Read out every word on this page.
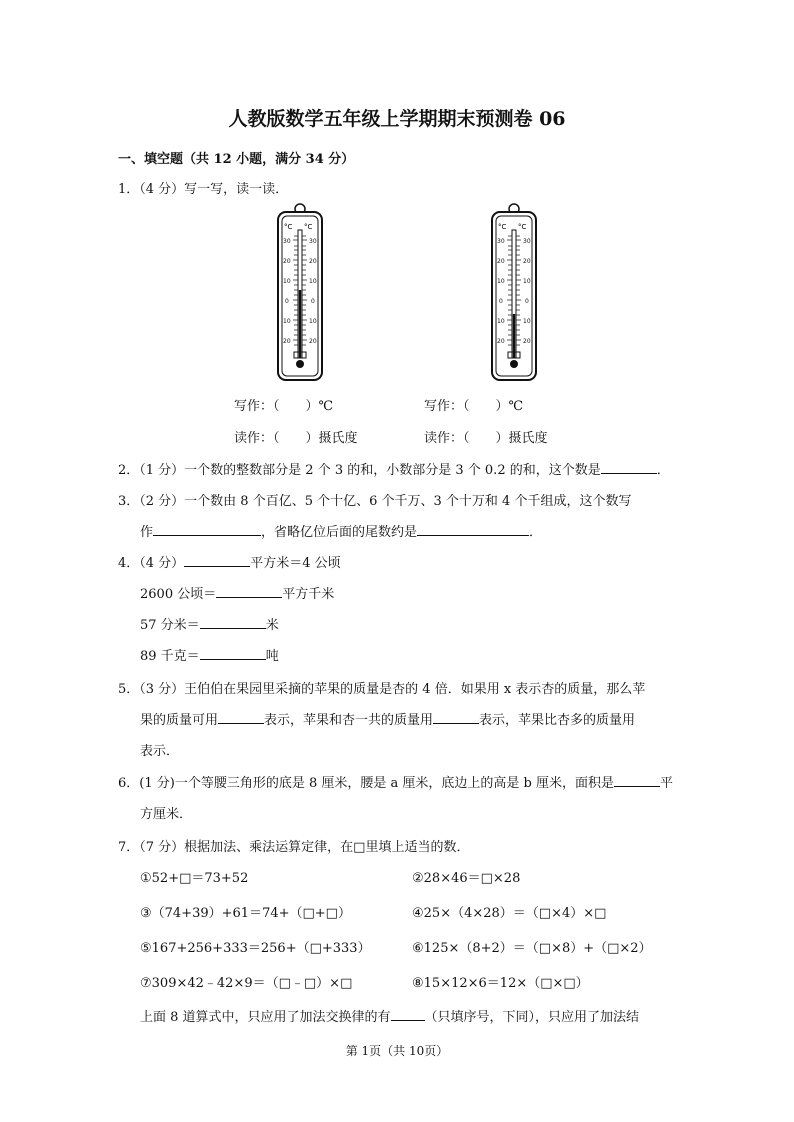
人教版数学五年级上学期期末预测卷 06
一、填空题（共 12 小题，满分 34 分）
1．（4 分）写一写，读一读．
°C °C
30	30
20	20
10	10
0	0
10	10
20	20
°C °C
30	30
20	20
10	10
0	0
10	10
20	20
写作：（　　）℃	写作：（　　）℃
读作：（　　）摄氏度	读作：（　　）摄氏度
2．（1 分）一个数的整数部分是 2 个 3 的和，小数部分是 3 个 0.2 的和，这个数是	．
3．（2 分）一个数由 8 个百亿、5 个十亿、6 个千万、3 个十万和 4 个千组成，这个数写
作	，省略亿位后面的尾数约是	．
4．（4 分）	平方米＝4 公顷
2600 公顷＝	平方千米
57 分米＝	米
89 千克＝	吨
5．（3 分）王伯伯在果园里采摘的苹果的质量是杏的 4 倍．如果用 x 表示杏的质量，那么苹
果的质量可用	表示，苹果和杏一共的质量用	表示，苹果比杏多的质量用
表示．
6．(1 分)一个等腰三角形的底是 8 厘米，腰是 a 厘米，底边上的高是 b 厘米，面积是	平
方厘米．
7．（7 分）根据加法、乘法运算定律，在□里填上适当的数．
①52+□＝73+52	②28×46＝□×28
③（74+39）+61＝74+（□+□）	④25×（4×28）＝（□×4）×□
⑤167+256+333＝256+（□+333）	⑥125×（8+2）＝（□×8）+（□×2）
⑦309×42﹣42×9＝（□﹣□）×□	⑧15×12×6＝12×（□×□）
上面 8 道算式中，只应用了加法交换律的有	（只填序号，下同），只应用了加法结
第 1页（共 10页）
